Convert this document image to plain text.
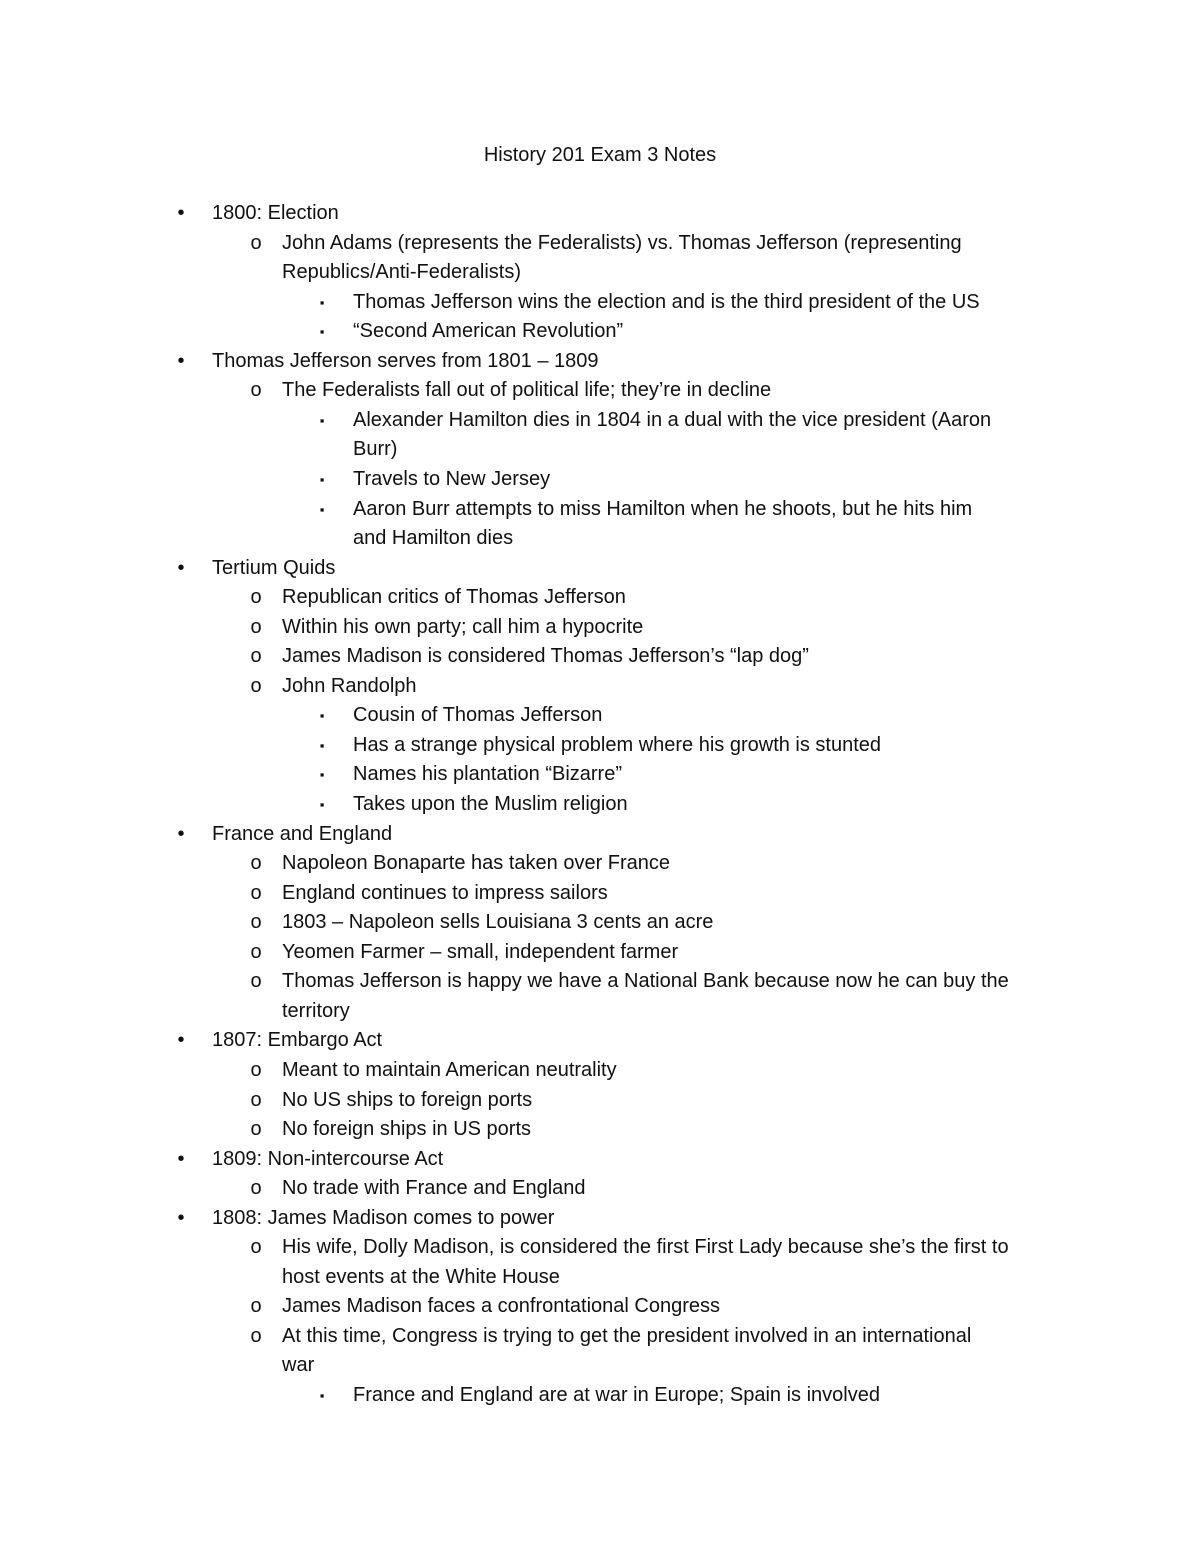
History 201 Exam 3 Notes
• 1800: Election
o John Adams (represents the Federalists) vs. Thomas Jefferson (representing
Republics/Anti-Federalists)
▪ Thomas Jefferson wins the election and is the third president of the US
▪ “Second American Revolution”
• Thomas Jefferson serves from 1801 – 1809
o The Federalists fall out of political life; they’re in decline
▪ Alexander Hamilton dies in 1804 in a dual with the vice president (Aaron
Burr)
▪ Travels to New Jersey
▪ Aaron Burr attempts to miss Hamilton when he shoots, but he hits him
and Hamilton dies
• Tertium Quids
o Republican critics of Thomas Jefferson
o Within his own party; call him a hypocrite
o James Madison is considered Thomas Jefferson’s “lap dog”
o John Randolph
▪ Cousin of Thomas Jefferson
▪ Has a strange physical problem where his growth is stunted
▪ Names his plantation “Bizarre”
▪ Takes upon the Muslim religion
• France and England
o Napoleon Bonaparte has taken over France
o England continues to impress sailors
o 1803 – Napoleon sells Louisiana 3 cents an acre
o Yeomen Farmer – small, independent farmer
o Thomas Jefferson is happy we have a National Bank because now he can buy the
territory
• 1807: Embargo Act
o Meant to maintain American neutrality
o No US ships to foreign ports
o No foreign ships in US ports
• 1809: Non-intercourse Act
o No trade with France and England
• 1808: James Madison comes to power
o His wife, Dolly Madison, is considered the first First Lady because she’s the first to
host events at the White House
o James Madison faces a confrontational Congress
o At this time, Congress is trying to get the president involved in an international
war
▪ France and England are at war in Europe; Spain is involved
